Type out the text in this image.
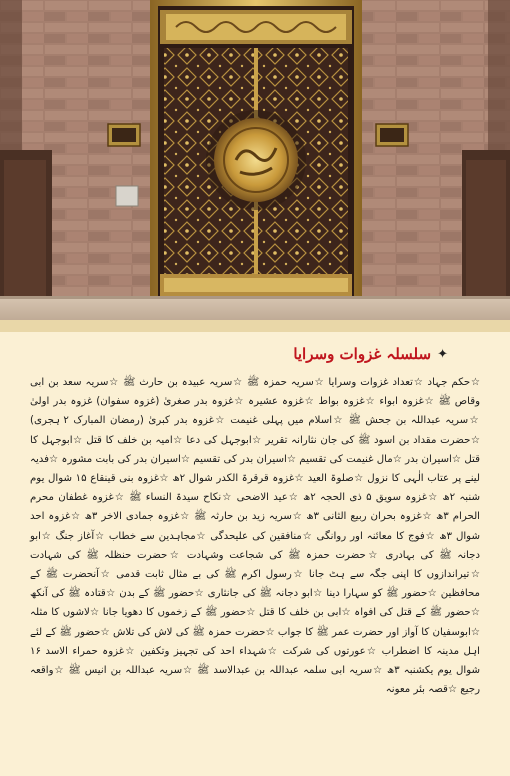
✦
سلسلہ غزوات وسرایا

☆حکم جہاد ☆تعداد غزوات وسرایا ☆سریہ حمزہ ﷺ ☆سریہ عبیدہ بن حارث ﷺ ☆سریہ سعد بن ابی وقاص ﷺ ☆غزوہ ابواء ☆غزوہ بواط ☆غزوہ عشیرہ ☆غزوہ بدر صغریٰ (غزوہ سفوان) غزوہ بدر اولیٰ ☆سریہ عبداللہ بن جحش ﷺ ☆اسلام میں پہلی غنیمت ☆غزوہ بدر کبریٰ (رمضان المبارک ۲ ہجری) ☆حضرت مقداد بن اسود ﷺ کی جان نثارانہ تقریر ☆ابوجہل کی دعا ☆امیہ بن خلف کا قتل ☆ابوجہل کا قتل ☆اسیران بدر ☆مال غنیمت کی تقسیم ☆اسیران بدر کی تقسیم ☆اسیران بدر کی بابت مشورہ ☆فدیہ لینے پر عتاب الٰہی کا نزول ☆صلوۃ العید ☆غزوہ قرقرۃ الکدر شوال ۲ھ ☆غزوہ بنی قینقاع ۱۵ شوال یوم شنبہ ۲ھ ☆غزوہ سویق ۵ ذی الحجہ ۲ھ ☆عید الاضحی ☆نکاح سیدۃ النساء ﷺ ☆غزوہ غطفان محرم الحرام ۳ھ ☆غزوہ بحران ربیع الثانی ۳ھ ☆سریہ زید بن حارثہ ﷺ ☆غزوہ جمادی الاخر ۳ھ ☆غزوہ احد شوال ۳ھ ☆فوج کا معائنہ اور روانگی ☆منافقین کی علیحدگی ☆مجاہدین سے خطاب ☆آغاز جنگ ☆ابو دجانہ ﷺ کی بہادری ☆حضرت حمزہ ﷺ کی شجاعت وشہادت ☆حضرت حنظلہ ﷺ کی شہادت ☆تیراندازوں کا اپنی جگہ سے ہٹ جانا ☆رسول اکرم ﷺ کی بے مثال ثابت قدمی ☆آنحضرت ﷺ کے محافظین ☆حضور ﷺ کو سہارا دینا ☆ابو دجانہ ﷺ کی جانثاری ☆حضور ﷺ کے بدن ☆قتادہ ﷺ کی آنکھ ☆حضور ﷺ کے قتل کی افواہ ☆ابی بن خلف کا قتل ☆حضور ﷺ کے زخموں کا دھویا جانا ☆لاشوں کا مثلہ ☆ابوسفیان کا آواز اور حضرت عمر ﷺ کا جواب ☆حضرت حمزہ ﷺ کی لاش کی تلاش ☆حضور ﷺ کے لئے اہل مدینہ کا اضطراب ☆عورتوں کی شرکت ☆شہداء احد کی تجہیز وتکفین ☆غزوہ حمراء الاسد ۱۶ شوال یوم یکشنبہ ۳ھ ☆سریہ ابی سلمہ عبداللہ بن عبدالاسد ﷺ ☆سریہ عبداللہ بن انیس ﷺ ☆واقعہ رجیع ☆قصہ بئر معونہ
